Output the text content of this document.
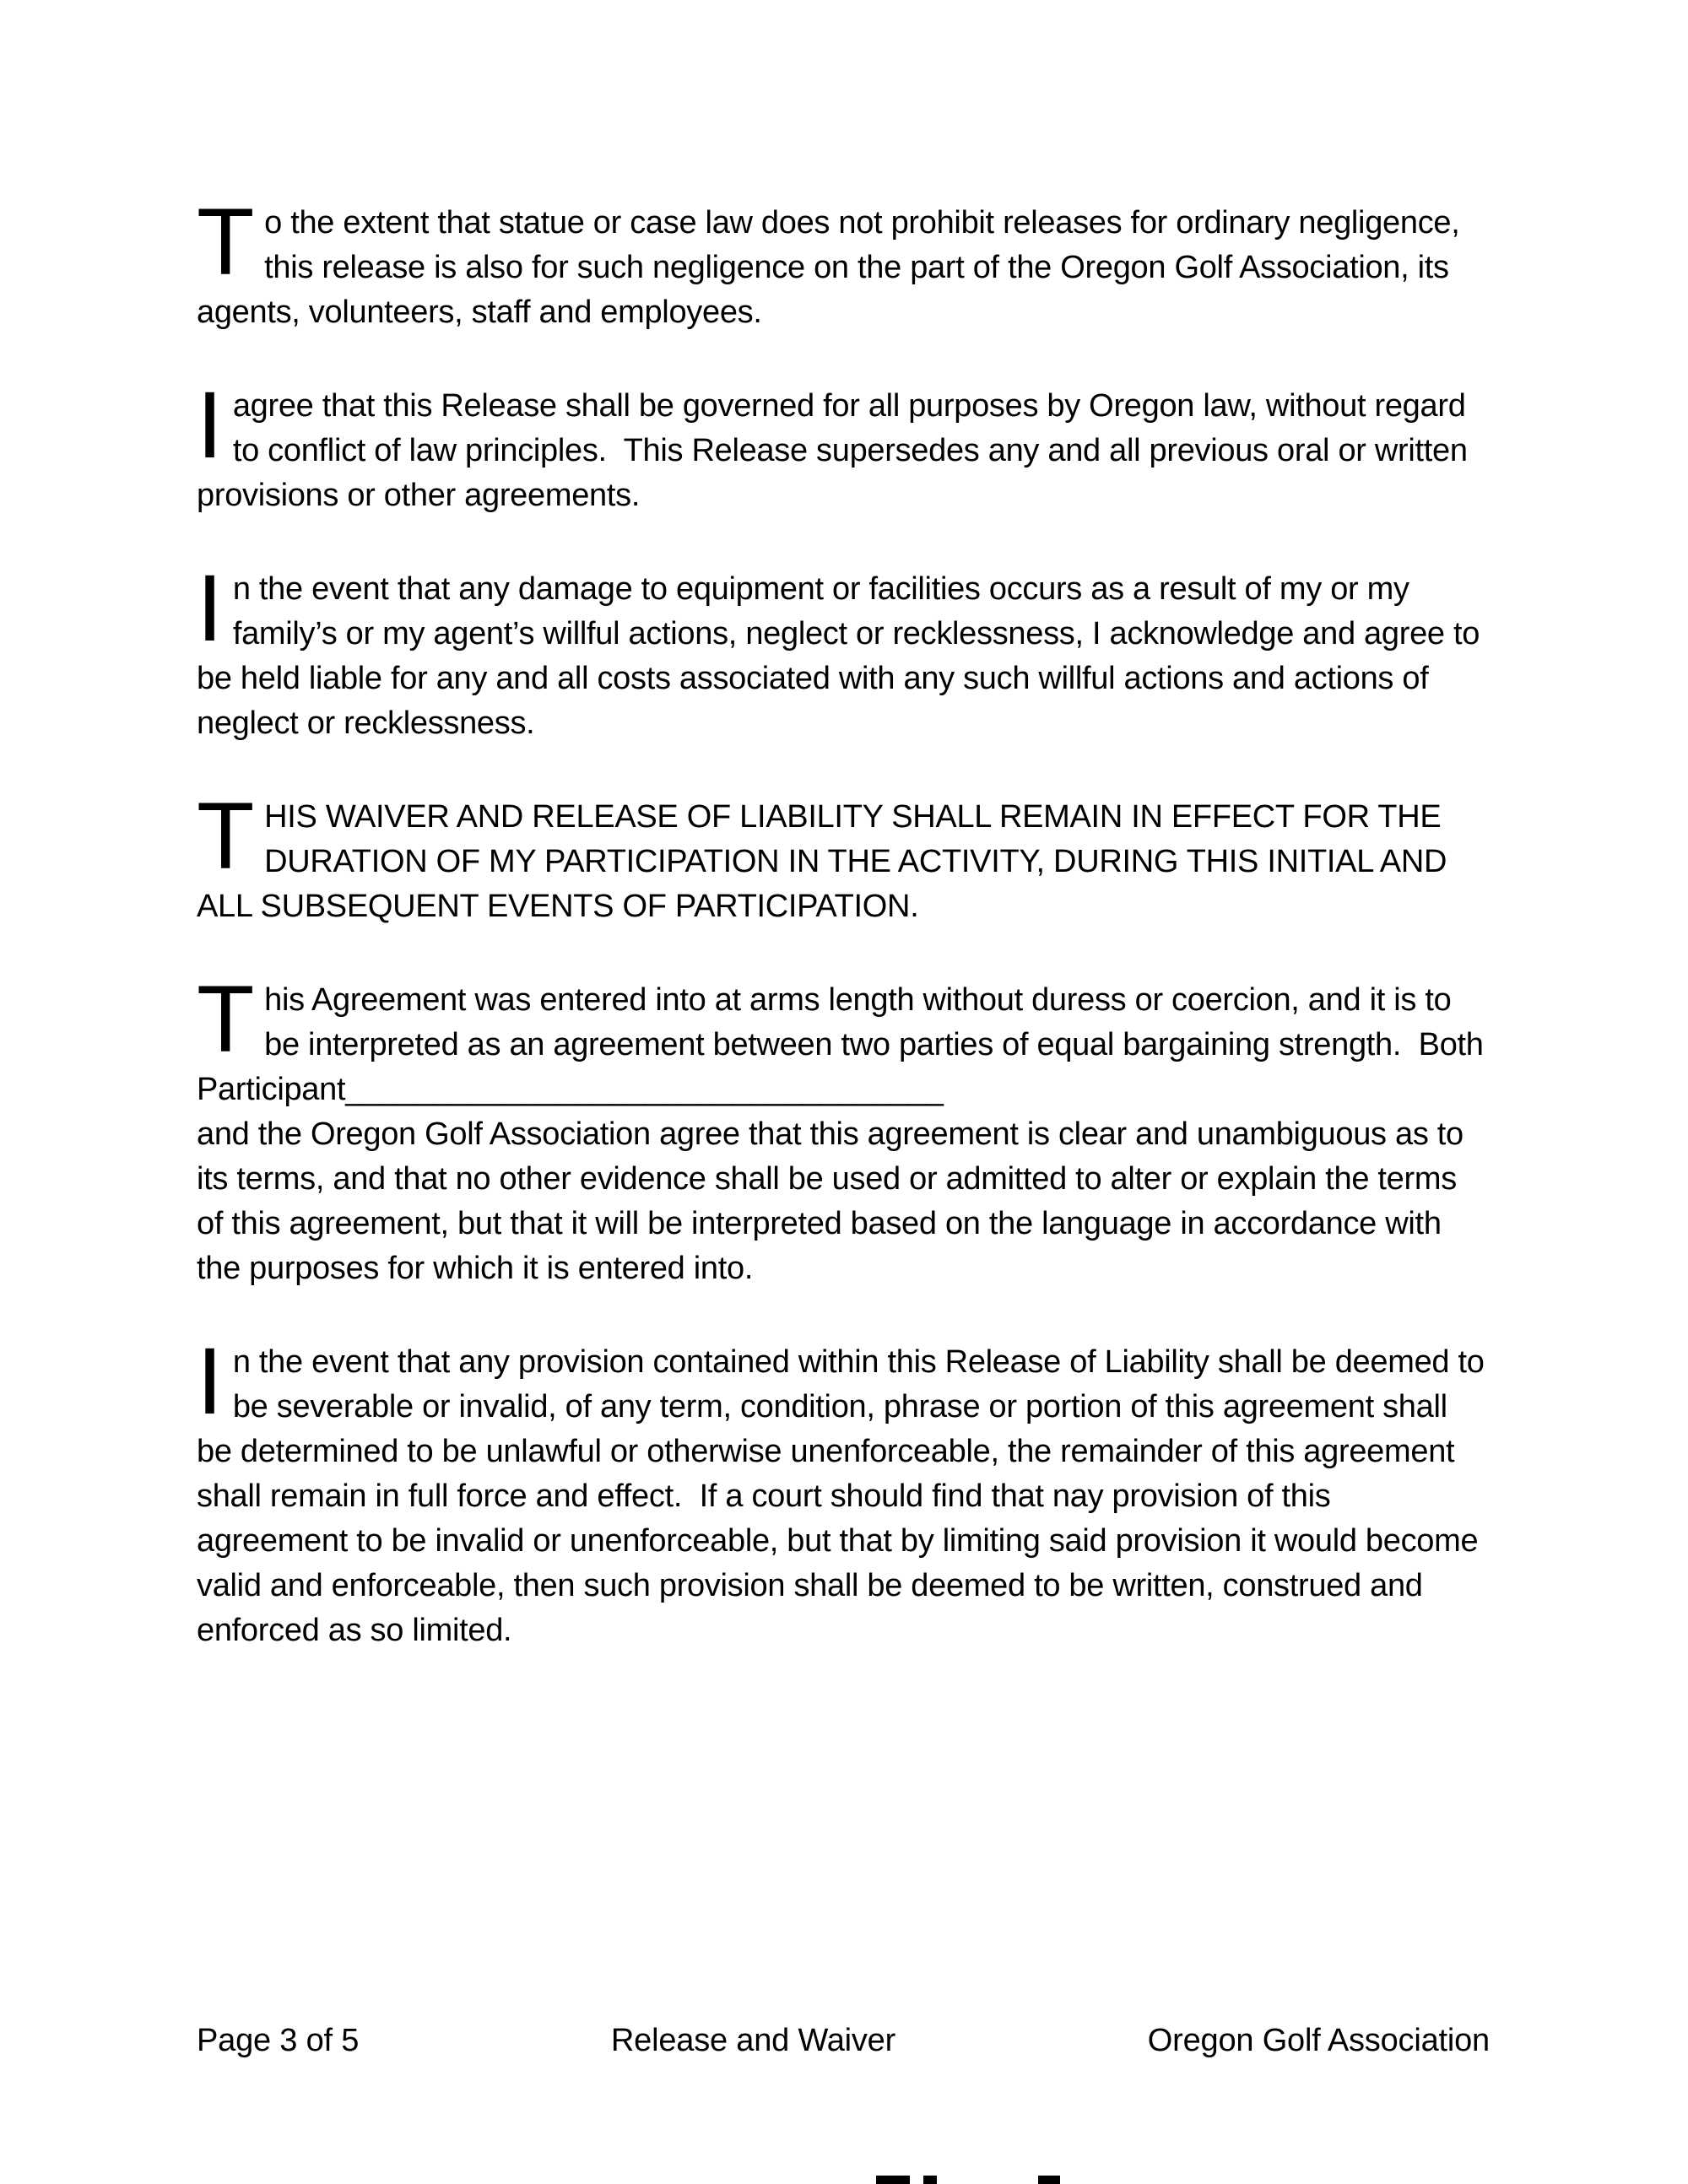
To the extent that statue or case law does not prohibit releases for ordinary negligence, this release is also for such negligence on the part of the Oregon Golf Association, its agents, volunteers, staff and employees.

Iagree that this Release shall be governed for all purposes by Oregon law, without regard to conflict of law principles.  This Release supersedes any and all previous oral or written provisions or other agreements.

In the event that any damage to equipment or facilities occurs as a result of my or my family’s or my agent’s willful actions, neglect or recklessness, I acknowledge and agree to be held liable for any and all costs associated with any such willful actions and actions of neglect or recklessness.

THIS WAIVER AND RELEASE OF LIABILITY SHALL REMAIN IN EFFECT FOR THE DURATION OF MY PARTICIPATION IN THE ACTIVITY, DURING THIS INITIAL AND ALL SUBSEQUENT EVENTS OF PARTICIPATION.

This Agreement was entered into at arms length without duress or coercion, and it is to be interpreted as an agreement between two parties of equal bargaining strength.  Both Participant__________________________________
and the Oregon Golf Association agree that this agreement is clear and unambiguous as to its terms, and that no other evidence shall be used or admitted to alter or explain the terms of this agreement, but that it will be interpreted based on the language in accordance with the purposes for which it is entered into.

In the event that any provision contained within this Release of Liability shall be deemed to be severable or invalid, of any term, condition, phrase or portion of this agreement shall be determined to be unlawful or otherwise unenforceable, the remainder of this agreement shall remain in full force and effect.  If a court should find that nay provision of this agreement to be invalid or unenforceable, but that by limiting said provision it would become valid and enforceable, then such provision shall be deemed to be written, construed and enforced as so limited.

Page 3 of 5	Release and Waiver	Oregon Golf Association
